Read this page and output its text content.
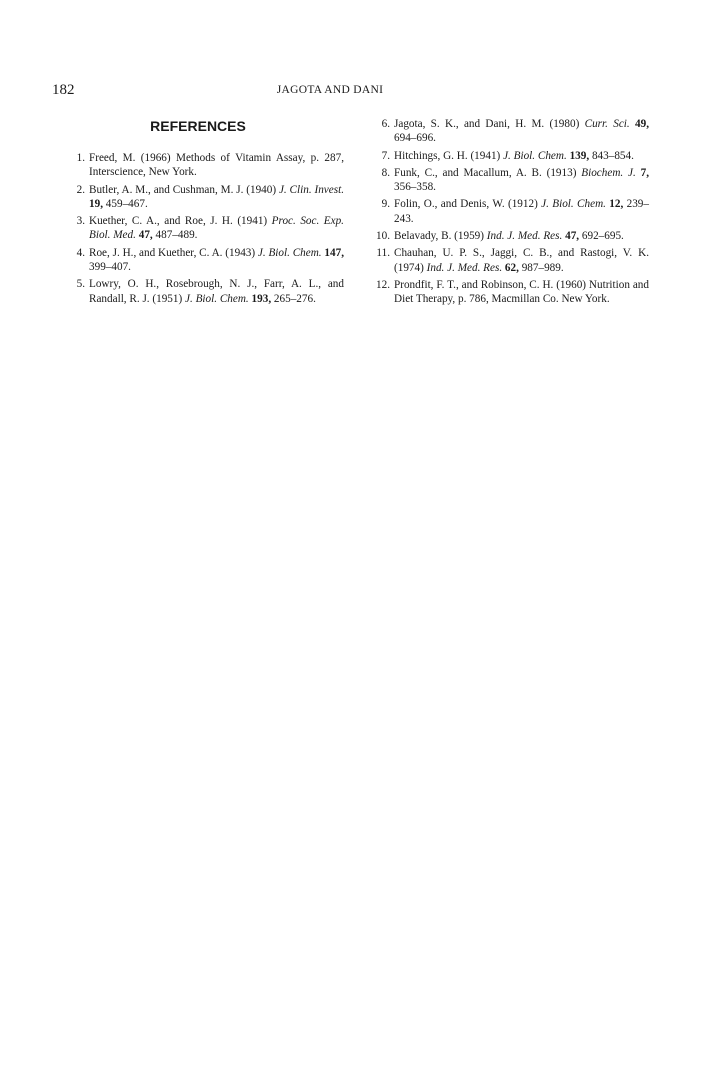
182	JAGOTA AND DANI
REFERENCES
1. Freed, M. (1966) Methods of Vitamin Assay, p. 287, Interscience, New York.
2. Butler, A. M., and Cushman, M. J. (1940) J. Clin. Invest. 19, 459–467.
3. Kuether, C. A., and Roe, J. H. (1941) Proc. Soc. Exp. Biol. Med. 47, 487–489.
4. Roe, J. H., and Kuether, C. A. (1943) J. Biol. Chem. 147, 399–407.
5. Lowry, O. H., Rosebrough, N. J., Farr, A. L., and Randall, R. J. (1951) J. Biol. Chem. 193, 265–276.
6. Jagota, S. K., and Dani, H. M. (1980) Curr. Sci. 49, 694–696.
7. Hitchings, G. H. (1941) J. Biol. Chem. 139, 843–854.
8. Funk, C., and Macallum, A. B. (1913) Biochem. J. 7, 356–358.
9. Folin, O., and Denis, W. (1912) J. Biol. Chem. 12, 239–243.
10. Belavady, B. (1959) Ind. J. Med. Res. 47, 692–695.
11. Chauhan, U. P. S., Jaggi, C. B., and Rastogi, V. K. (1974) Ind. J. Med. Res. 62, 987–989.
12. Prondfit, F. T., and Robinson, C. H. (1960) Nutrition and Diet Therapy, p. 786, Macmillan Co. New York.
